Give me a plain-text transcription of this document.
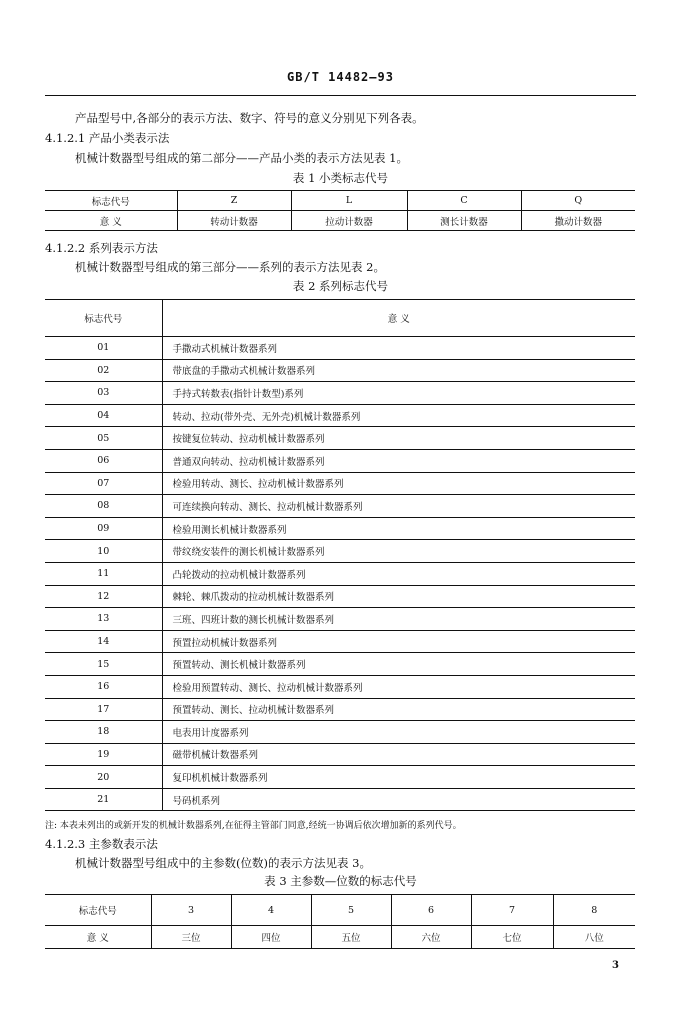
GB/T 14482—93
产品型号中,各部分的表示方法、数字、符号的意义分别见下列各表。
4.1.2.1 产品小类表示法
机械计数器型号组成的第二部分——产品小类的表示方法见表 1。
表 1 小类标志代号
标志代号	Z	L	C	Q
意 义	转动计数器	拉动计数器	测长计数器	撒动计数器
4.1.2.2 系列表示方法
机械计数器型号组成的第三部分——系列的表示方法见表 2。
表 2 系列标志代号
标志代号	意 义
01	手撒动式机械计数器系列
02	带底盘的手撒动式机械计数器系列
03	手持式转数表(指针计数型)系列
04	转动、拉动(带外壳、无外壳)机械计数器系列
05	按键复位转动、拉动机械计数器系列
06	普通双向转动、拉动机械计数器系列
07	检验用转动、测长、拉动机械计数器系列
08	可连续换向转动、测长、拉动机械计数器系列
09	检验用测长机械计数器系列
10	带纹绕安装件的测长机械计数器系列
11	凸轮拨动的拉动机械计数器系列
12	棘轮、棘爪拨动的拉动机械计数器系列
13	三班、四班计数的测长机械计数器系列
14	预置拉动机械计数器系列
15	预置转动、测长机械计数器系列
16	检验用预置转动、测长、拉动机械计数器系列
17	预置转动、测长、拉动机械计数器系列
18	电表用计度器系列
19	磁带机械计数器系列
20	复印机机械计数器系列
21	号码机系列
注: 本表未列出的或新开发的机械计数器系列,在征得主管部门同意,经统一协调后依次增加新的系列代号。
4.1.2.3 主参数表示法
机械计数器型号组成中的主参数(位数)的表示方法见表 3。
表 3 主参数—位数的标志代号
标志代号	3	4	5	6	7	8
意 义	三位	四位	五位	六位	七位	八位
3
